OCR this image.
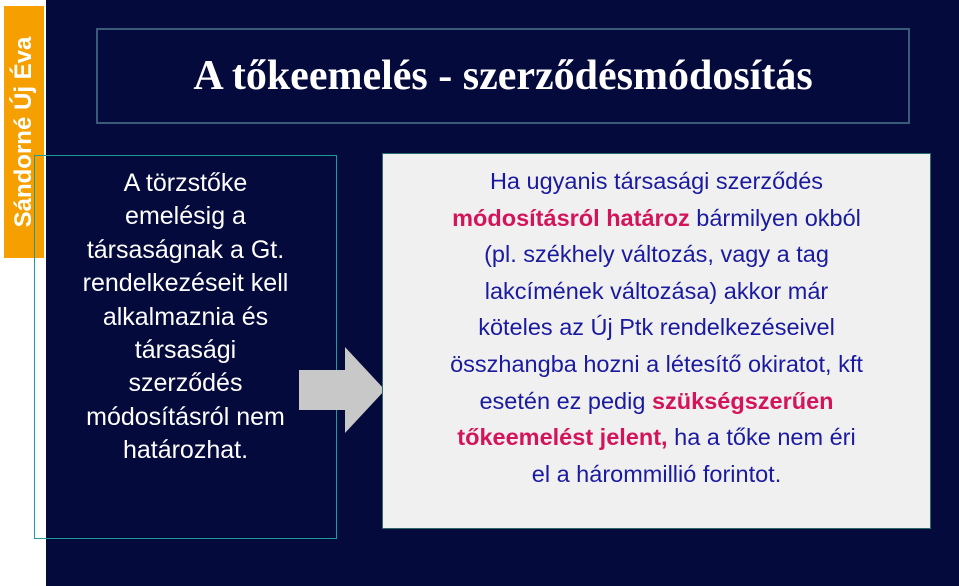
Sándorné Új Éva	A tőkeemelés - szerződésmódosítás
A törzstőke
emelésig a
társaságnak a Gt.
rendelkezéseit kell
alkalmaznia és
társasági
szerződés
módosításról nem
határozhat.
Ha ugyanis társasági szerződés
módosításról határoz bármilyen okból
(pl. székhely változás, vagy a tag
lakcímének változása) akkor már
köteles az Új Ptk rendelkezéseivel
összhangba hozni a létesítő okiratot, kft
esetén ez pedig szükségszerűen
tőkeemelést jelent, ha a tőke nem éri
el a hárommillió forintot.
